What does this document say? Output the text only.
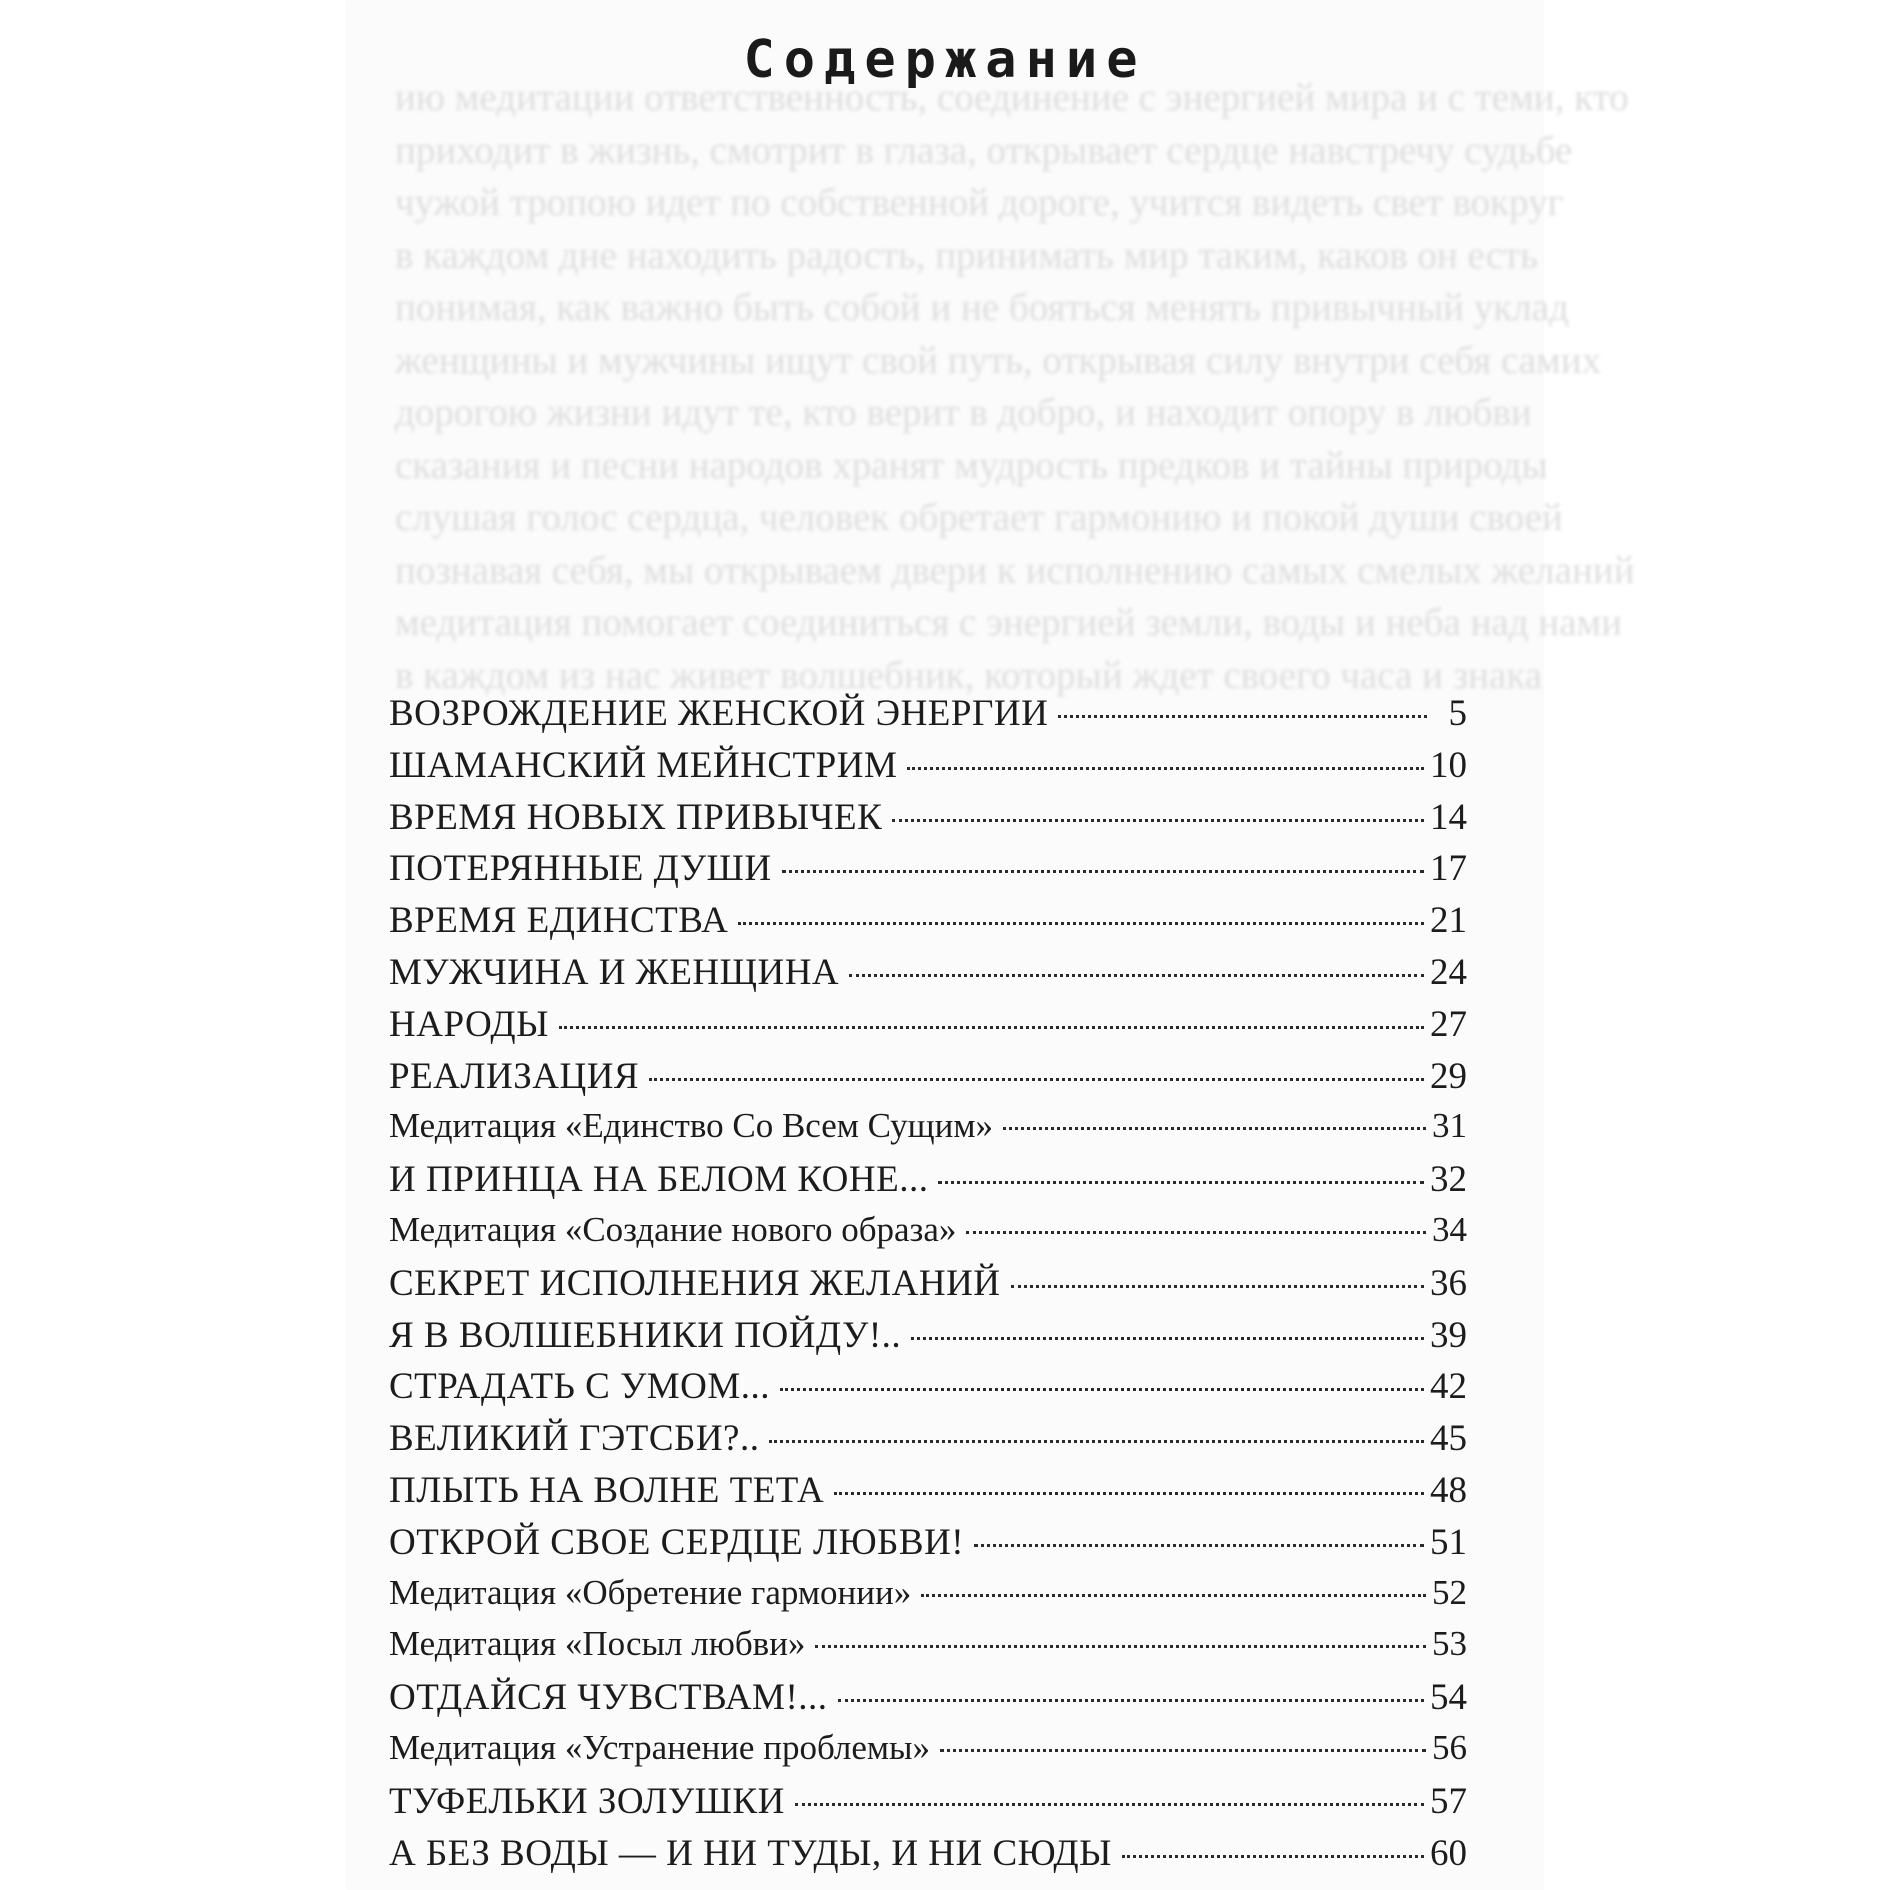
ию медитации ответственность, соединение с энергией мира и с теми, кто
приходит в жизнь, смотрит в глаза, открывает сердце навстречу судьбе
чужой тропою идет по собственной дороге, учится видеть свет вокруг
в каждом дне находить радость, принимать мир таким, каков он есть
понимая, как важно быть собой и не бояться менять привычный уклад
женщины и мужчины ищут свой путь, открывая силу внутри себя самих
дорогою жизни идут те, кто верит в добро, и находит опору в любви
сказания и песни народов хранят мудрость предков и тайны природы
слушая голос сердца, человек обретает гармонию и покой души своей
познавая себя, мы открываем двери к исполнению самых смелых желаний
медитация помогает соединиться с энергией земли, воды и неба над нами
в каждом из нас живет волшебник, который ждет своего часа и знака
Содержание
ВОЗРОЖДЕНИЕ ЖЕНСКОЙ ЭНЕРГИИ	5
ШАМАНСКИЙ МЕЙНСТРИМ	10
ВРЕМЯ НОВЫХ ПРИВЫЧЕК	14
ПОТЕРЯННЫЕ ДУШИ	17
ВРЕМЯ ЕДИНСТВА	21
МУЖЧИНА И ЖЕНЩИНА	24
НАРОДЫ	27
РЕАЛИЗАЦИЯ	29
Медитация «Единство Со Всем Сущим»	31
И ПРИНЦА НА БЕЛОМ КОНЕ...	32
Медитация «Создание нового образа»	34
СЕКРЕТ ИСПОЛНЕНИЯ ЖЕЛАНИЙ	36
Я В ВОЛШЕБНИКИ ПОЙДУ!..	39
СТРАДАТЬ С УМОМ...	42
ВЕЛИКИЙ ГЭТСБИ?..	45
ПЛЫТЬ НА ВОЛНЕ ТЕТА	48
ОТКРОЙ СВОЕ СЕРДЦЕ ЛЮБВИ!	51
Медитация «Обретение гармонии»	52
Медитация «Посыл любви»	53
ОТДАЙСЯ ЧУВСТВАМ!...	54
Медитация «Устранение проблемы»	56
ТУФЕЛЬКИ ЗОЛУШКИ	57
А БЕЗ ВОДЫ — И НИ ТУДЫ, И НИ СЮДЫ	60
